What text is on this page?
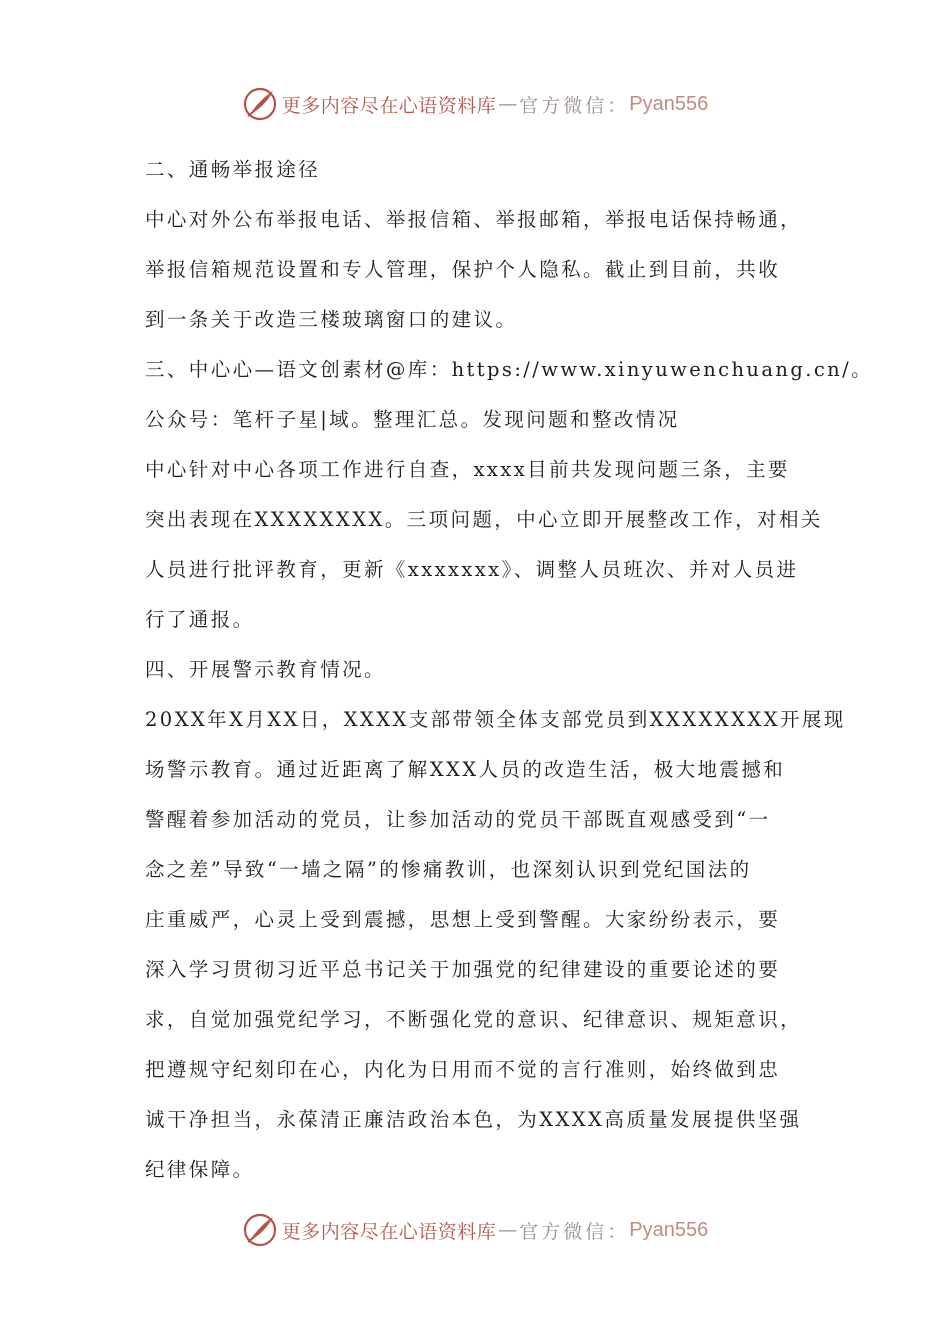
更多内容尽在心语资料库 — 官方微信： Pyan556
二、通畅举报途径
中心对外公布举报电话、举报信箱、举报邮箱，举报电话保持畅通，
举报信箱规范设置和专人管理，保护个人隐私。截止到目前，共收
到一条关于改造三楼玻璃窗口的建议。
三、中心心—语文创素材@库：https://www.xinyuwenchuang.cn/。
公众号：笔杆子星|域。整理汇总。发现问题和整改情况
中心针对中心各项工作进行自查，xxxx目前共发现问题三条，主要
突出表现在XXXXXXXX。三项问题，中心立即开展整改工作，对相关
人员进行批评教育，更新《xxxxxxx》、调整人员班次、并对人员进
行了通报。
四、开展警示教育情况。
20XX年X月XX日，XXXX支部带领全体支部党员到XXXXXXXX开展现
场警示教育。通过近距离了解XXX人员的改造生活，极大地震撼和
警醒着参加活动的党员，让参加活动的党员干部既直观感受到“一
念之差”导致“一墙之隔”的惨痛教训，也深刻认识到党纪国法的
庄重威严，心灵上受到震撼，思想上受到警醒。大家纷纷表示，要
深入学习贯彻习近平总书记关于加强党的纪律建设的重要论述的要
求，自觉加强党纪学习，不断强化党的意识、纪律意识、规矩意识，
把遵规守纪刻印在心，内化为日用而不觉的言行准则，始终做到忠
诚干净担当，永葆清正廉洁政治本色，为XXXX高质量发展提供坚强
纪律保障。
更多内容尽在心语资料库 — 官方微信： Pyan556
